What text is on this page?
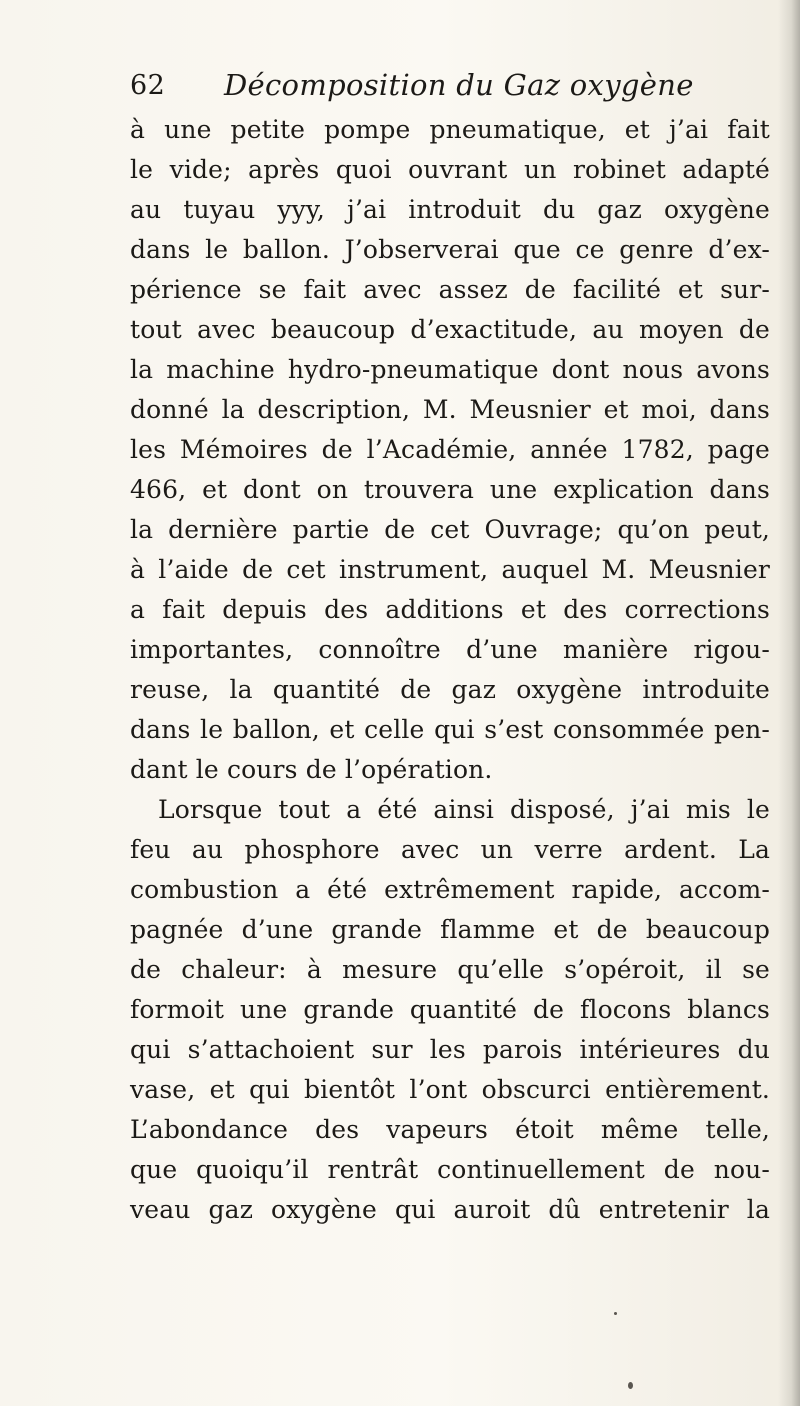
62 Décomposition du Gaz oxygène
à une petite pompe pneumatique, et j’ai fait
le vide; après quoi ouvrant un robinet adapté
au tuyau yyy, j’ai introduit du gaz oxygène
dans le ballon. J’observerai que ce genre d’ex-
périence se fait avec assez de facilité et sur-
tout avec beaucoup d’exactitude, au moyen de
la machine hydro-pneumatique dont nous avons
donné la description, M. Meusnier et moi, dans
les Mémoires de l’Académie, année 1782, page
466, et dont on trouvera une explication dans
la dernière partie de cet Ouvrage; qu’on peut,
à l’aide de cet instrument, auquel M. Meusnier
a fait depuis des additions et des corrections
importantes, connoître d’une manière rigou-
reuse, la quantité de gaz oxygène introduite
dans le ballon, et celle qui s’est consommée pen-
dant le cours de l’opération.
Lorsque tout a été ainsi disposé, j’ai mis le
feu au phosphore avec un verre ardent. La
combustion a été extrêmement rapide, accom-
pagnée d’une grande flamme et de beaucoup
de chaleur: à mesure qu’elle s’opéroit, il se
formoit une grande quantité de flocons blancs
qui s’attachoient sur les parois intérieures du
vase, et qui bientôt l’ont obscurci entièrement.
L’abondance des vapeurs étoit même telle,
que quoiqu’il rentrât continuellement de nou-
veau gaz oxygène qui auroit dû entretenir la
